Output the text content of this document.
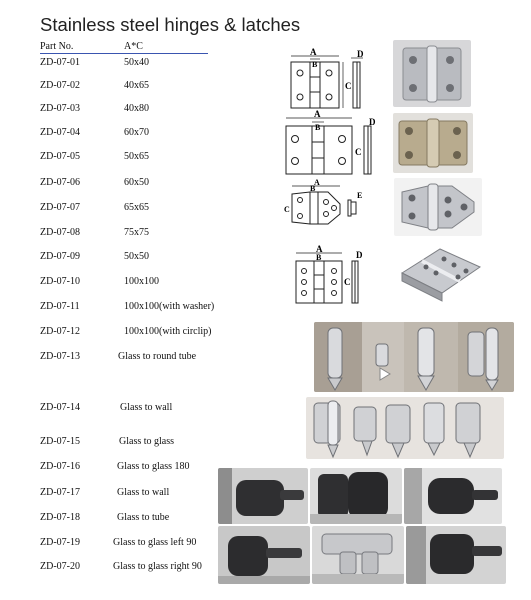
Stainless steel hinges & latches
Part No.	A*C
ZD-07-01	50x40
ZD-07-02	40x65
ZD-07-03	40x80
ZD-07-04	60x70
ZD-07-05	50x65
ZD-07-06	60x50
ZD-07-07	65x65
ZD-07-08	75x75
ZD-07-09	50x50
ZD-07-10	100x100
ZD-07-11	100x100(with washer)
ZD-07-12	100x100(with circlip)
ZD-07-13	Glass to round tube
ZD-07-14	Glass to wall
ZD-07-15	Glass to glass
ZD-07-16	Glass to glass 180
ZD-07-17	Glass to wall
ZD-07-18	Glass to tube
ZD-07-19	Glass to glass left 90
ZD-07-20	Glass to glass right 90
A
B
C
D
A
B
C
D
A
B
C
E
A
B
C
D
